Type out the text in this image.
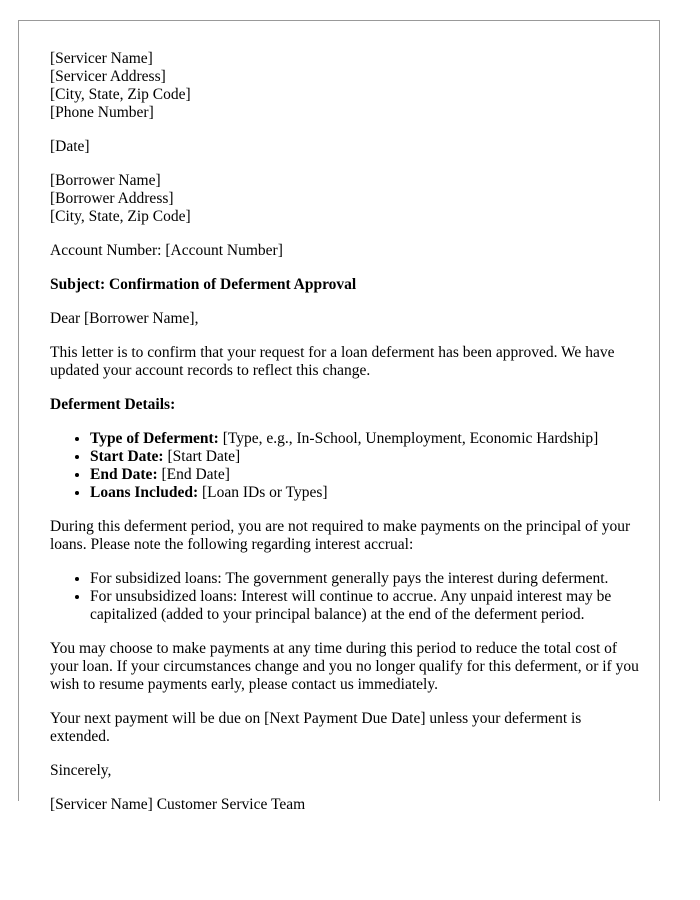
[Servicer Name]
[Servicer Address]
[City, State, Zip Code]
[Phone Number]
[Date]
[Borrower Name]
[Borrower Address]
[City, State, Zip Code]
Account Number: [Account Number]
Subject: Confirmation of Deferment Approval
Dear [Borrower Name],
This letter is to confirm that your request for a loan deferment has been approved. We have updated your account records to reflect this change.
Deferment Details:
• Type of Deferment: [Type, e.g., In-School, Unemployment, Economic Hardship]
• Start Date: [Start Date]
• End Date: [End Date]
• Loans Included: [Loan IDs or Types]
During this deferment period, you are not required to make payments on the principal of your loans. Please note the following regarding interest accrual:
• For subsidized loans: The government generally pays the interest during deferment.
• For unsubsidized loans: Interest will continue to accrue. Any unpaid interest may be capitalized (added to your principal balance) at the end of the deferment period.
You may choose to make payments at any time during this period to reduce the total cost of your loan. If your circumstances change and you no longer qualify for this deferment, or if you wish to resume payments early, please contact us immediately.
Your next payment will be due on [Next Payment Due Date] unless your deferment is extended.
Sincerely,
[Servicer Name] Customer Service Team
